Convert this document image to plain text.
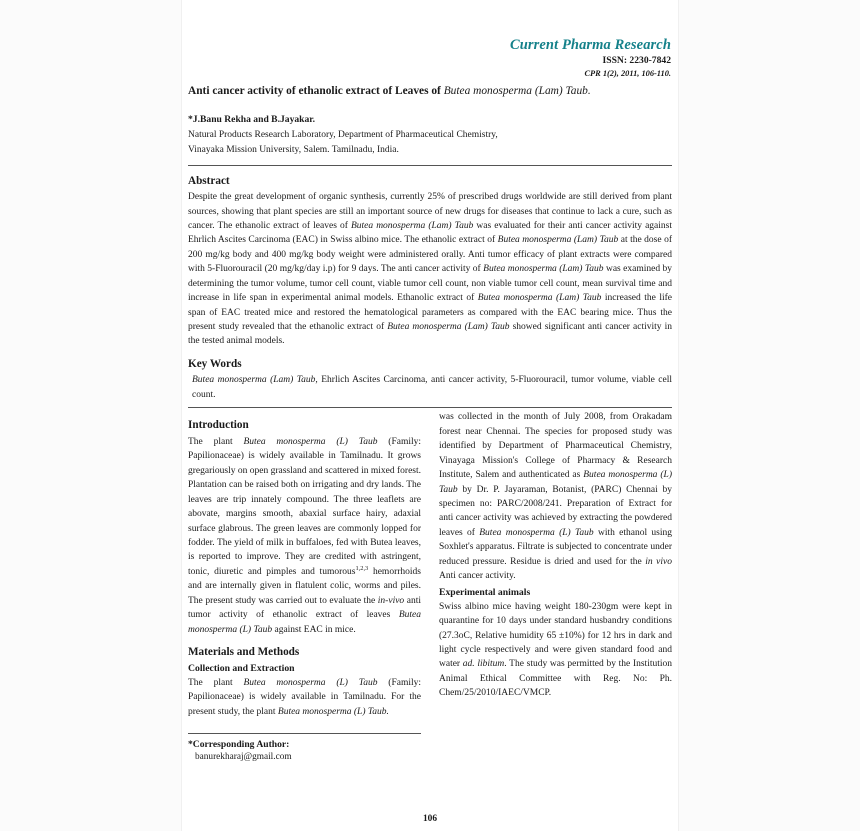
Current Pharma Research
ISSN: 2230-7842
CPR 1(2), 2011, 106-110.
Anti cancer activity of ethanolic extract of Leaves of Butea monosperma (Lam) Taub.
*J.Banu Rekha and B.Jayakar.
Natural Products Research Laboratory, Department of Pharmaceutical Chemistry,
Vinayaka Mission University, Salem. Tamilnadu, India.
Abstract

Despite the great development of organic synthesis, currently 25% of prescribed drugs worldwide are still derived from plant sources, showing that plant species are still an important source of new drugs for diseases that continue to lack a cure, such as cancer. The ethanolic extract of leaves of Butea monosperma (Lam) Taub was evaluated for their anti cancer activity against Ehrlich Ascites Carcinoma (EAC) in Swiss albino mice. The ethanolic extract of Butea monosperma (Lam) Taub at the dose of 200 mg/kg body and 400 mg/kg body weight were administered orally. Anti tumor efficacy of plant extracts were compared with 5-Fluorouracil (20 mg/kg/day i.p) for 9 days. The anti cancer activity of Butea monosperma (Lam) Taub was examined by determining the tumor volume, tumor cell count, viable tumor cell count, non viable tumor cell count, mean survival time and increase in life span in experimental animal models. Ethanolic extract of Butea monosperma (Lam) Taub increased the life span of EAC treated mice and restored the hematological parameters as compared with the EAC bearing mice. Thus the present study revealed that the ethanolic extract of Butea monosperma (Lam) Taub showed significant anti cancer activity in the tested animal models.

Key Words

Butea monosperma (Lam) Taub, Ehrlich Ascites Carcinoma, anti cancer activity, 5-Fluorouracil, tumor volume, viable cell count.

Introduction

The plant Butea monosperma (L) Taub (Family: Papilionaceae) is widely available in Tamilnadu. It grows gregariously on open grassland and scattered in mixed forest. Plantation can be raised both on irrigating and dry lands. The leaves are trip innately compound. The three leaflets are abovate, margins smooth, abaxial surface hairy, adaxial surface glabrous. The green leaves are commonly lopped for fodder. The yield of milk in buffaloes, fed with Butea leaves, is reported to improve. They are credited with astringent, tonic, diuretic and pimples and tumorous$^{1,2,3}$ hemorrhoids and are internally given in flatulent colic, worms and piles. The present study was carried out to evaluate the in-vivo anti tumor activity of ethanolic extract of leaves Butea monosperma (L) Taub against EAC in mice.

Materials and Methods
Collection and Extraction

The plant Butea monosperma (L) Taub (Family: Papilionaceae) is widely available in Tamilnadu. For the present study, the plant Butea monosperma (L) Taub.

*Corresponding Author:
banurekharaj@gmail.com

was collected in the month of July 2008, from Orakadam forest near Chennai. The species for proposed study was identified by Department of Pharmaceutical Chemistry, Vinayaga Mission's College of Pharmacy & Research Institute, Salem and authenticated as Butea monosperma (L) Taub by Dr. P. Jayaraman, Botanist, (PARC) Chennai by specimen no: PARC/2008/241. Preparation of Extract for anti cancer activity was achieved by extracting the powdered leaves of Butea monosperma (L) Taub with ethanol using Soxhlet's apparatus. Filtrate is subjected to concentrate under reduced pressure. Residue is dried and used for the in vivo Anti cancer activity.

Experimental animals

Swiss albino mice having weight 180-230gm were kept in quarantine for 10 days under standard husbandry conditions (27.3oC, Relative humidity 65 ±10%) for 12 hrs in dark and light cycle respectively and were given standard food and water ad. libitum. The study was permitted by the Institution Animal Ethical Committee with Reg. No: Ph. Chem/25/2010/IAEC/VMCP.

106
